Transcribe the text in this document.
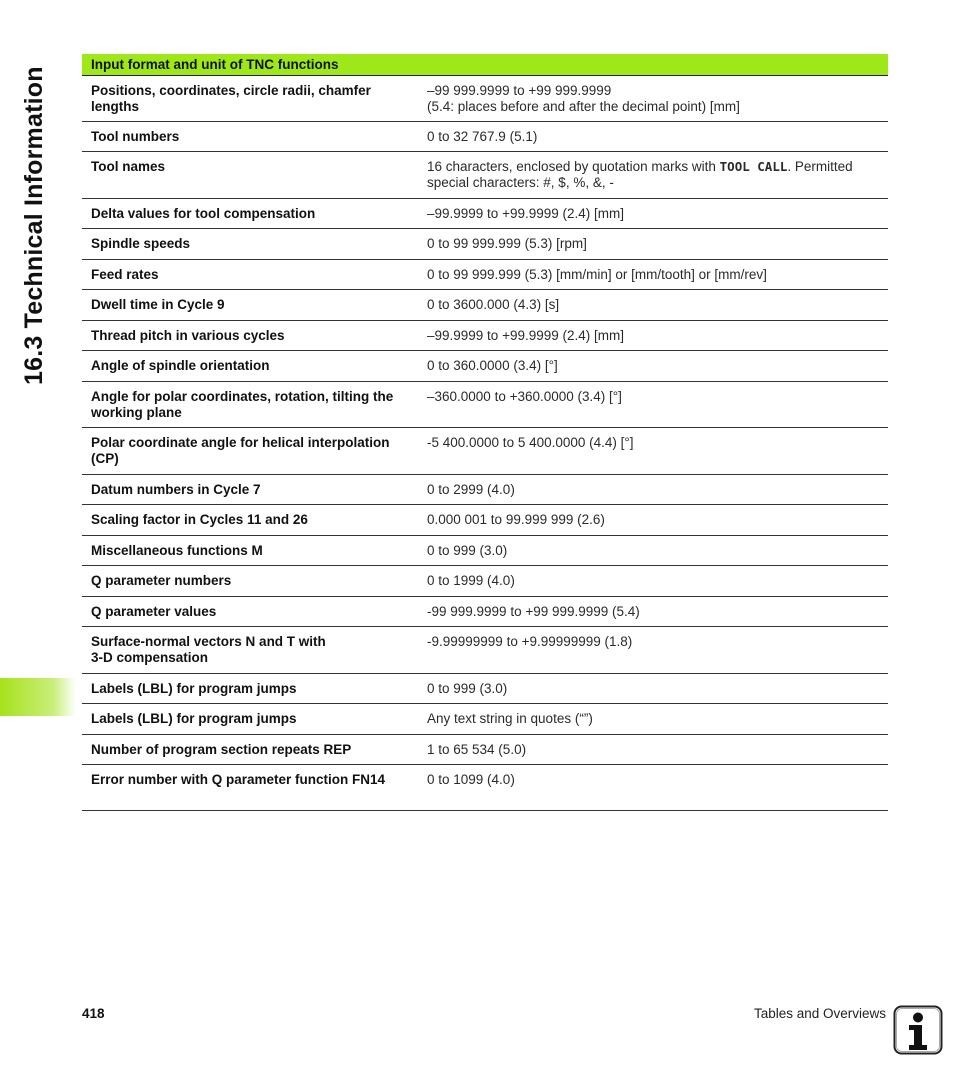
16.3 Technical Information
Input format and unit of TNC functions	
Positions, coordinates, circle radii, chamfer lengths	–99 999.9999 to +99 999.9999
(5.4: places before and after the decimal point) [mm]
Tool numbers	0 to 32 767.9 (5.1)
Tool names	16 characters, enclosed by quotation marks with TOOL CALL. Permitted special characters: #, $, %, &, -
Delta values for tool compensation	–99.9999 to +99.9999 (2.4) [mm]
Spindle speeds	0 to 99 999.999 (5.3) [rpm]
Feed rates	0 to 99 999.999 (5.3) [mm/min] or [mm/tooth] or [mm/rev]
Dwell time in Cycle 9	0 to 3600.000 (4.3) [s]
Thread pitch in various cycles	–99.9999 to +99.9999 (2.4) [mm]
Angle of spindle orientation	0 to 360.0000 (3.4) [°]
Angle for polar coordinates, rotation, tilting the working plane	–360.0000 to +360.0000 (3.4) [°]
Polar coordinate angle for helical interpolation (CP)	-5 400.0000 to 5 400.0000 (4.4) [°]
Datum numbers in Cycle 7	0 to 2999 (4.0)
Scaling factor in Cycles 11 and 26	0.000 001 to 99.999 999 (2.6)
Miscellaneous functions M	0 to 999 (3.0)
Q parameter numbers	0 to 1999 (4.0)
Q parameter values	-99 999.9999 to +99 999.9999 (5.4)
Surface-normal vectors N and T with
3-D compensation	-9.99999999 to +9.99999999 (1.8)
Labels (LBL) for program jumps	0 to 999 (3.0)
Labels (LBL) for program jumps	Any text string in quotes (“”)
Number of program section repeats REP	1 to 65 534 (5.0)
Error number with Q parameter function FN14	0 to 1099 (4.0)
418	Tables and Overviews
